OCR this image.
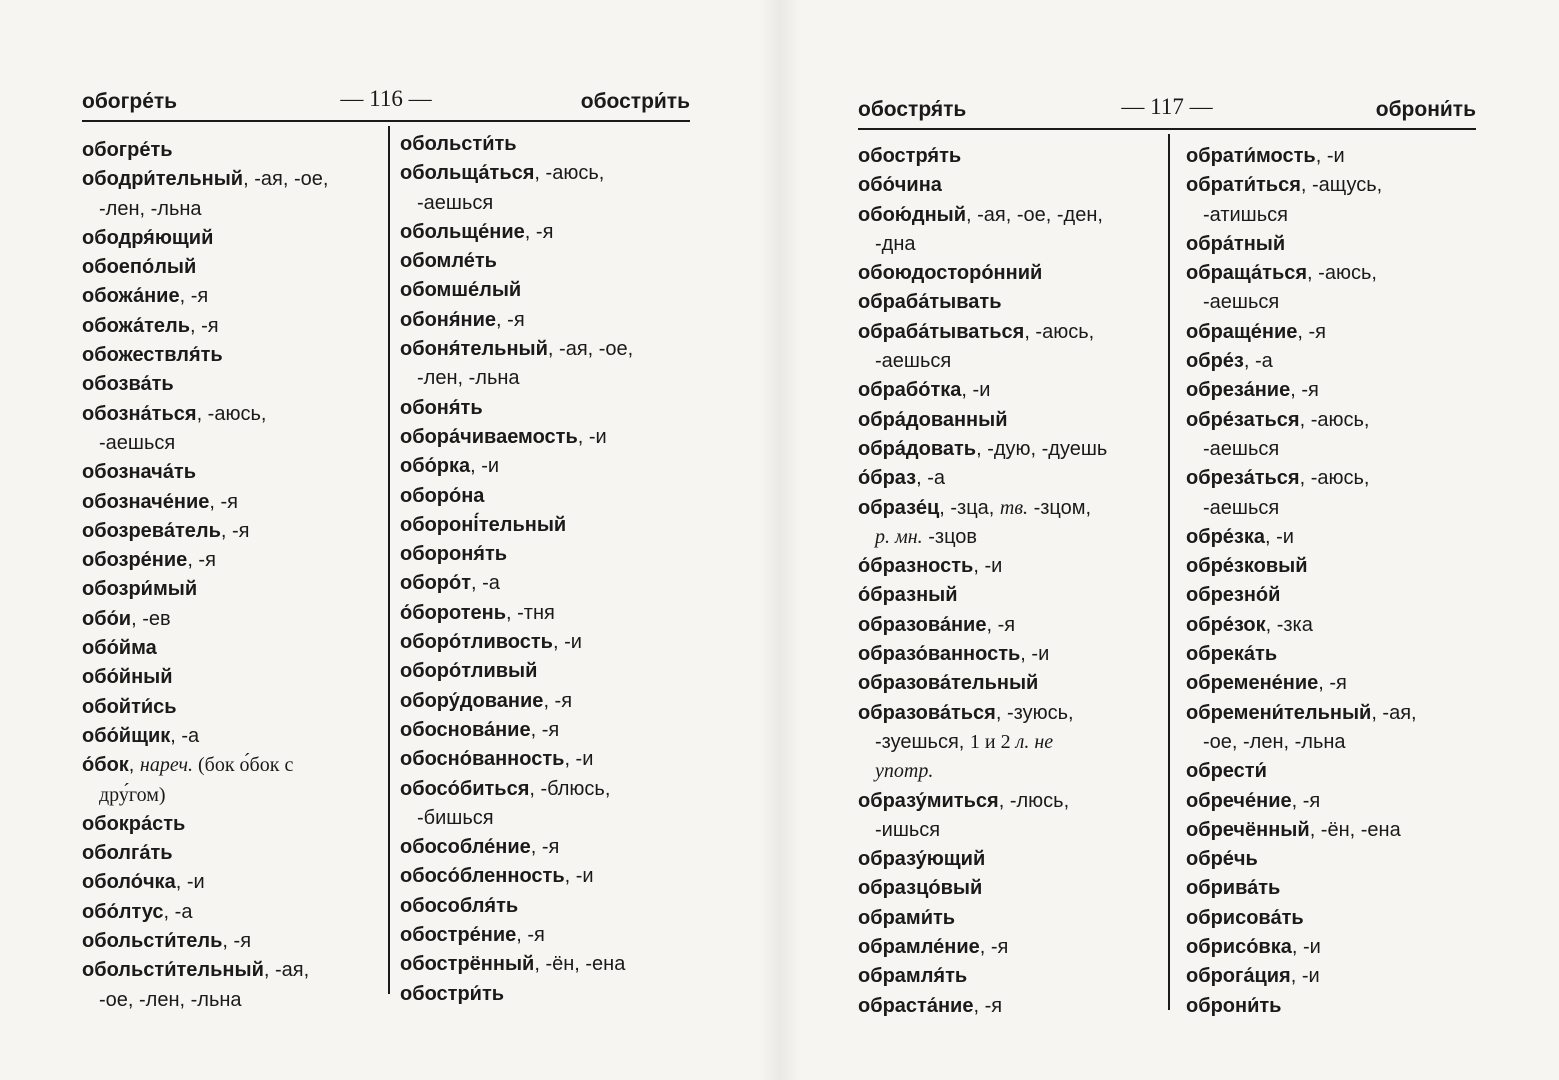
обогре́ть	— 116 —	обостри́ть
обогре́ть
ободри́тельный, -ая, -ое,
-лен, -льна
ободря́ющий
обоепо́лый
обожа́ние, -я
обожа́тель, -я
обожествля́ть
обозва́ть
обозна́ться, -аюсь,
-аешься
обознача́ть
обозначе́ние, -я
обозрева́тель, -я
обозре́ние, -я
обозри́мый
обо́и, -ев
обо́йма
обо́йный
обойти́сь
обо́йщик, -а
о́бок, нареч. (бок о́бок с
дру́гом)
обокра́сть
оболга́ть
оболо́чка, -и
обо́лтус, -а
обольсти́тель, -я
обольсти́тельный, -ая,
-ое, -лен, -льна
обольсти́ть
обольща́ться, -аюсь,
-аешься
обольще́ние, -я
обомле́ть
обомше́лый
обоня́ние, -я
обоня́тельный, -ая, -ое,
-лен, -льна
обоня́ть
обора́чиваемость, -и
обо́рка, -и
оборо́на
обороні́тельный
обороня́ть
оборо́т, -а
о́боротень, -тня
оборо́тливость, -и
оборо́тливый
обору́дование, -я
обоснова́ние, -я
обосно́ванность, -и
обосо́биться, -блюсь,
-бишься
обособле́ние, -я
обосо́бленность, -и
обособля́ть
обостре́ние, -я
обострённый, -ён, -ена
обостри́ть
обостря́ть	— 117 —	оброни́ть
обостря́ть
обо́чина
обою́дный, -ая, -ое, -ден,
-дна
обоюдосторо́нний
обраба́тывать
обраба́тываться, -аюсь,
-аешься
обрабо́тка, -и
обра́дованный
обра́довать, -дую, -дуешь
о́браз, -а
образе́ц, -зца, тв. -зцом,
р. мн. -зцов
о́бразность, -и
о́бразный
образова́ние, -я
образо́ванность, -и
образова́тельный
образова́ться, -зуюсь,
-зуешься, 1 и 2 л. не
употр.
образу́миться, -люсь,
-ишься
образу́ющий
образцо́вый
обрами́ть
обрамле́ние, -я
обрамля́ть
обраста́ние, -я
обрати́мость, -и
обрати́ться, -ащусь,
-атишься
обра́тный
обраща́ться, -аюсь,
-аешься
обраще́ние, -я
обре́з, -а
обреза́ние, -я
обре́заться, -аюсь,
-аешься
обреза́ться, -аюсь,
-аешься
обре́зка, -и
обре́зковый
обрезно́й
обре́зок, -зка
обрека́ть
обремене́ние, -я
обремени́тельный, -ая,
-ое, -лен, -льна
обрести́
обрече́ние, -я
обречённый, -ён, -ена
обре́чь
обрива́ть
обрисова́ть
обрисо́вка, -и
оброга́ция, -и
оброни́ть
